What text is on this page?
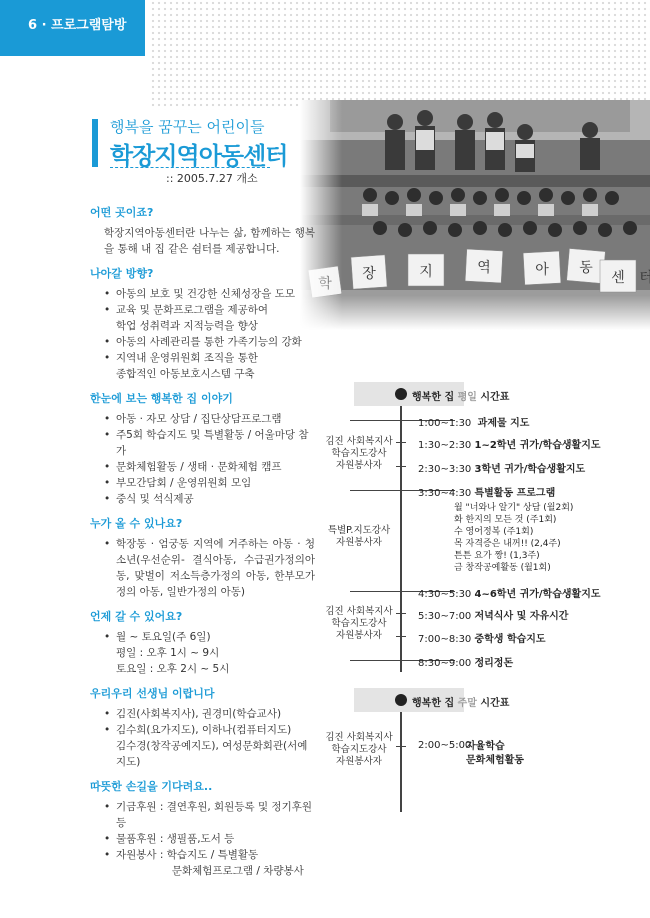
6 · 프로그램탐방
행복을 꿈꾸는 어린이들
학장지역아동센터
:: 2005.7.27 개소
어떤 곳이죠?
학장지역아동센터란 나누는 삶, 함께하는 행복을 통해 내 집 같은 쉼터를 제공합니다.
나아갈 방향?
• 아동의 보호 및 건강한 신체성장을 도모
• 교육 및 문화프로그램을 제공하여
학업 성취력과 지적능력을 향상
• 아동의 사례관리를 통한 가족기능의 강화
• 지역내 운영위원회 조직을 통한
종합적인 아동보호시스템 구축
한눈에 보는 행복한 집 이야기
• 아동 · 자모 상담 / 집단상담프로그램
• 주5회 학습지도 및 특별활동 / 어울마당 참가
• 문화체험활동 / 생태 · 문화체험 캠프
• 부모간담회 / 운영위원회 모임
• 중식 및 석식제공
누가 올 수 있나요?
• 학장동 · 엄궁동 지역에 거주하는 아동 · 청소년(우선순위- 결식아동, 수급권가정의아동, 맞벌이 저소득층가정의 아동, 한부모가정의 아동, 일반가정의 아동)
언제 갈 수 있어요?
• 월 ~ 토요일(주 6일)
평일 : 오후 1시 ~ 9시
토요일 : 오후 2시 ~ 5시
우리우리 선생님 이랍니다
• 김진(사회복지사), 권경미(학습교사)
• 김수희(요가지도), 이하나(컴퓨터지도)
김수경(창작공예지도), 여성문화회관(서예지도)
따뜻한 손길을 기다려요..
• 기금후원 : 결연후원, 회원등록 및 정기후원 등
• 물품후원 : 생필품,도서 등
• 자원봉사 : 학습지도 / 특별활동
　　　　　 문화체험프로그램 / 차량봉사
행복한 집 평일 시간표
1:00~1:30 과제물 지도
1:30~2:30 1~2학년 귀가/학습생활지도
김진 사회복지사
학습지도강사
자원봉사자	2:30~3:30 3학년 귀가/학습생활지도
3:30~4:30 특별활동 프로그램
월 "너와나 알기" 상담 (월2회)
화 한지의 모든 것 (주1회)
수 영어정복 (주1회)
목 자격증은 내꺼!! (2,4주)
튼튼 요가 짱! (1,3주)
금 창작공예활동 (월1회)
특별P.지도강사
자원봉사자
4:30~5:30 4~6학년 귀가/학습생활지도
김진 사회복지사
학습지도강사
자원봉사자
5:30~7:00 저녁식사 및 자유시간
7:00~8:30 중학생 학습지도
8:30~9:00 정리정돈
행복한 집 주말 시간표
김진 사회복지사
학습지도강사
자원봉사자
2:00~5:00
자율학습
문화체험활동
